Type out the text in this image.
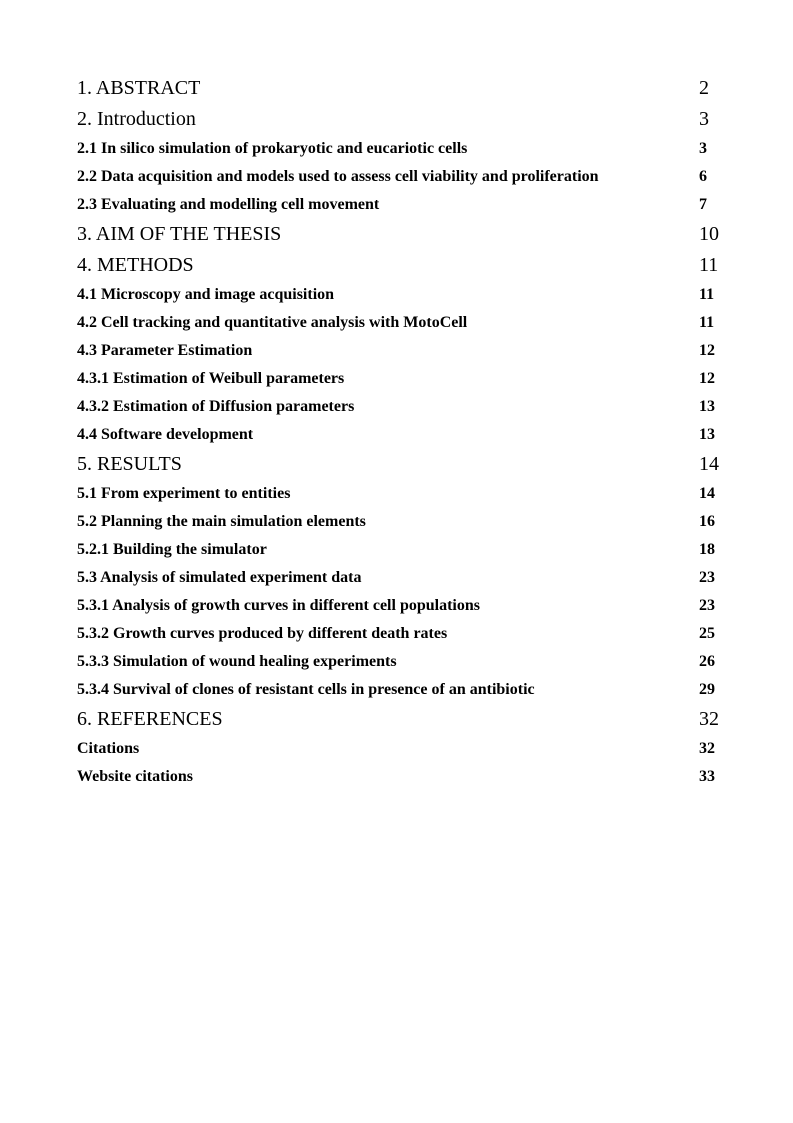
1. ABSTRACT	2
2. Introduction	3
2.1 In silico simulation of prokaryotic and eucariotic cells	3
2.2 Data acquisition and models used to assess cell viability and proliferation	6
2.3 Evaluating and modelling cell movement	7
3. AIM OF THE THESIS	10
4. METHODS	11
4.1 Microscopy and image acquisition	11
4.2 Cell tracking and quantitative analysis with MotoCell	11
4.3 Parameter Estimation	12
4.3.1 Estimation of Weibull parameters	12
4.3.2 Estimation of Diffusion parameters	13
4.4 Software development	13
5. RESULTS	14
5.1 From experiment to entities	14
5.2 Planning the main simulation elements	16
5.2.1 Building the simulator	18
5.3 Analysis of simulated experiment data	23
5.3.1 Analysis of growth curves in different cell populations	23
5.3.2 Growth curves produced by different death rates	25
5.3.3 Simulation of wound healing experiments	26
5.3.4 Survival of clones of resistant cells in presence of an antibiotic	29
6. REFERENCES	32
Citations	32
Website citations	33
